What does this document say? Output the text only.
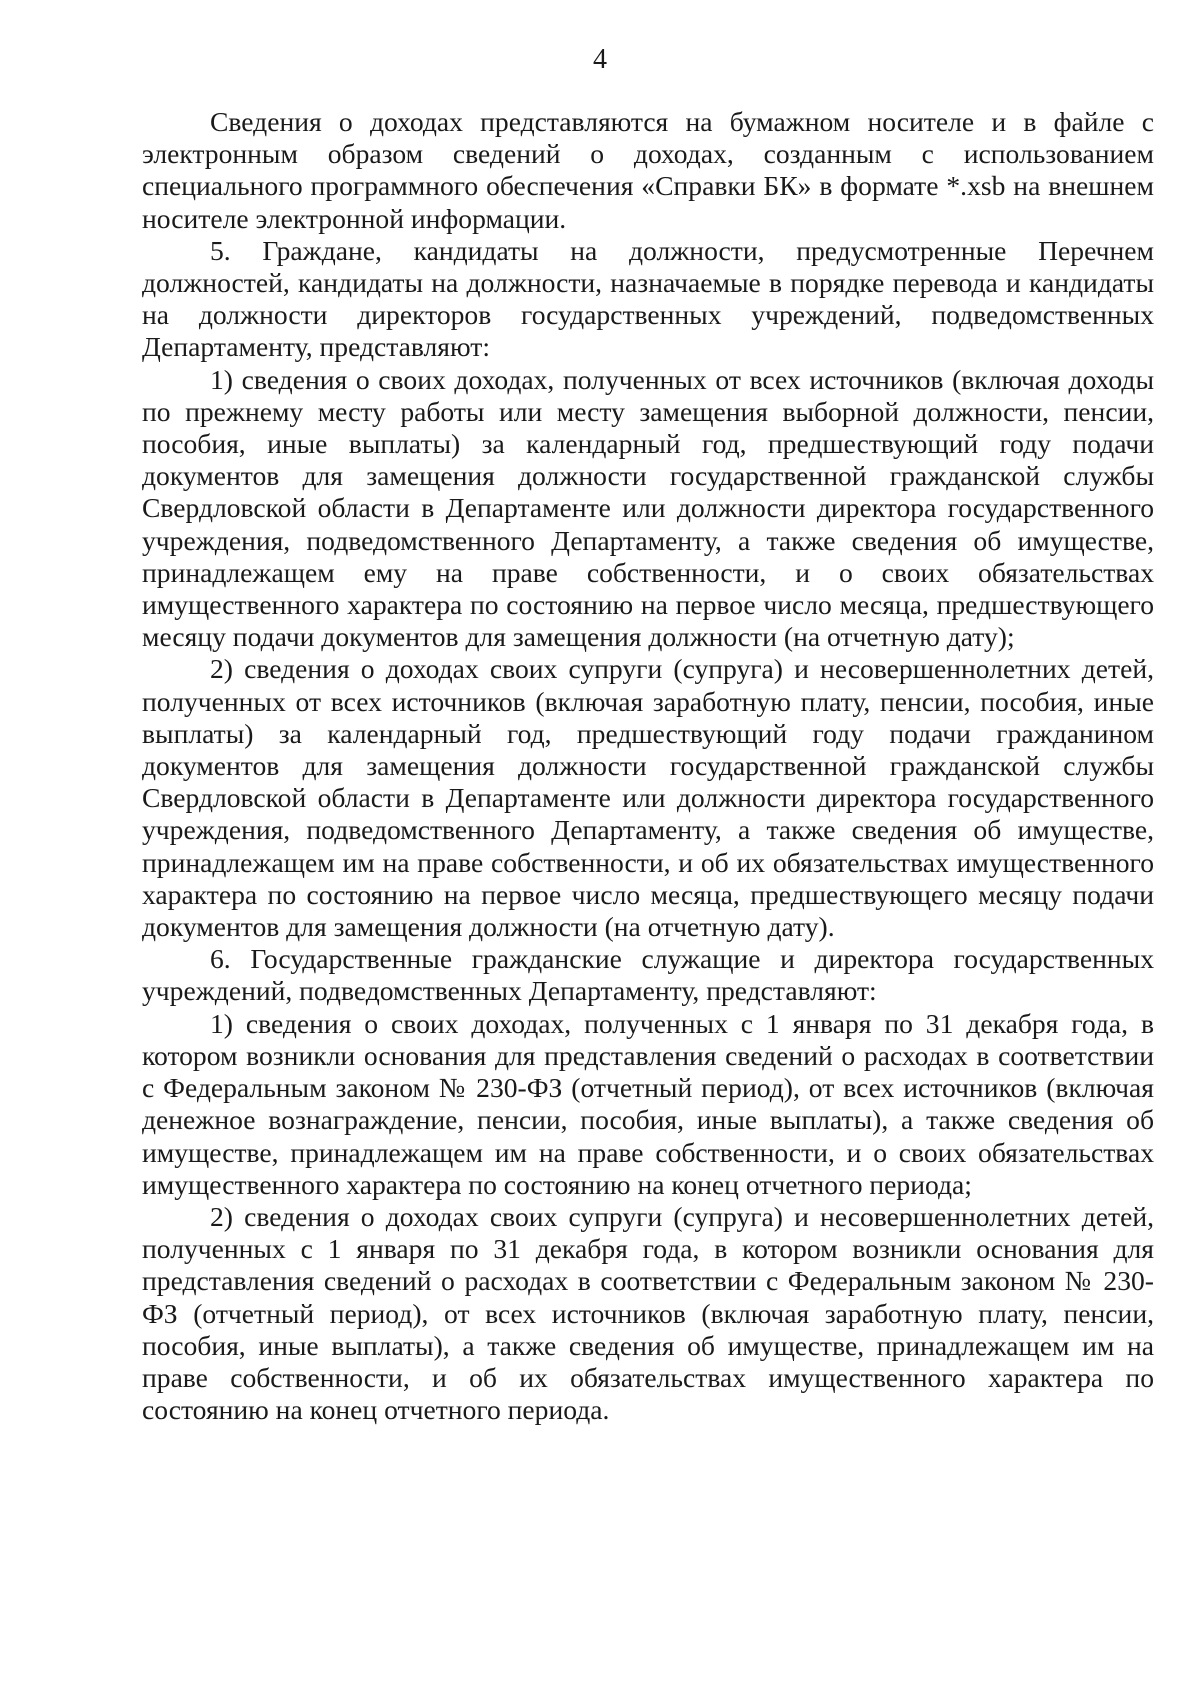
4

Сведения о доходах представляются на бумажном носителе и в файле с электронным образом сведений о доходах, созданным с использованием специального программного обеспечения «Справки БК» в формате *.xsb на внешнем носителе электронной информации.

5. Граждане, кандидаты на должности, предусмотренные Перечнем должностей, кандидаты на должности, назначаемые в порядке перевода и кандидаты на должности директоров государственных учреждений, подведомственных Департаменту, представляют:

1) сведения о своих доходах, полученных от всех источников (включая доходы по прежнему месту работы или месту замещения выборной должности, пенсии, пособия, иные выплаты) за календарный год, предшествующий году подачи документов для замещения должности государственной гражданской службы Свердловской области в Департаменте или должности директора государственного учреждения, подведомственного Департаменту, а также сведения об имуществе, принадлежащем ему на праве собственности, и о своих обязательствах имущественного характера по состоянию на первое число месяца, предшествующего месяцу подачи документов для замещения должности (на отчетную дату);

2) сведения о доходах своих супруги (супруга) и несовершеннолетних детей, полученных от всех источников (включая заработную плату, пенсии, пособия, иные выплаты) за календарный год, предшествующий году подачи гражданином документов для замещения должности государственной гражданской службы Свердловской области в Департаменте или должности директора государственного учреждения, подведомственного Департаменту, а также сведения об имуществе, принадлежащем им на праве собственности, и об их обязательствах имущественного характера по состоянию на первое число месяца, предшествующего месяцу подачи документов для замещения должности (на отчетную дату).

6. Государственные гражданские служащие и директора государственных учреждений, подведомственных Департаменту, представляют:

1) сведения о своих доходах, полученных с 1 января по 31 декабря года, в котором возникли основания для представления сведений о расходах в соответствии с Федеральным законом № 230-ФЗ (отчетный период), от всех источников (включая денежное вознаграждение, пенсии, пособия, иные выплаты), а также сведения об имуществе, принадлежащем им на праве собственности, и о своих обязательствах имущественного характера по состоянию на конец отчетного периода;

2) сведения о доходах своих супруги (супруга) и несовершеннолетних детей, полученных с 1 января по 31 декабря года, в котором возникли основания для представления сведений о расходах в соответствии с Федеральным законом № 230-ФЗ (отчетный период), от всех источников (включая заработную плату, пенсии, пособия, иные выплаты), а также сведения об имуществе, принадлежащем им на праве собственности, и об их обязательствах имущественного характера по состоянию на конец отчетного периода.
